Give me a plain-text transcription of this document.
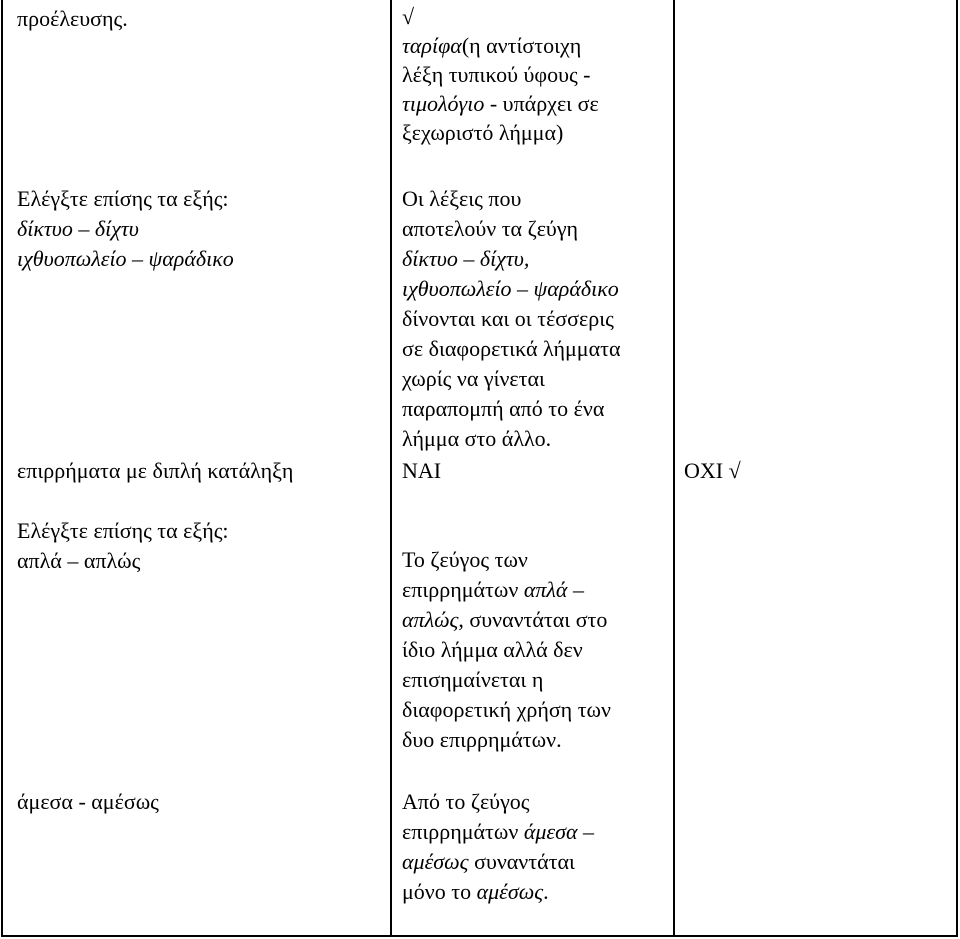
προέλευσης.
Ελέγξτε επίσης τα εξής:
δίκτυο – δίχτυ
ιχθυοπωλείο – ψαράδικο
επιρρήματα με διπλή κατάληξη
Ελέγξτε επίσης τα εξής:
απλά – απλώς
άμεσα - αμέσως
√
ταρίφα(η αντίστοιχη
λέξη τυπικού ύφους -
τιμολόγιο - υπάρχει σε
ξεχωριστό λήμμα)
Οι λέξεις που
αποτελούν τα ζεύγη
δίκτυο – δίχτυ,
ιχθυοπωλείο – ψαράδικο
δίνονται και οι τέσσερις
σε διαφορετικά λήμματα
χωρίς να γίνεται
παραπομπή από το ένα
λήμμα στο άλλο.
ΝΑΙ
Το ζεύγος των
επιρρημάτων απλά –
απλώς, συναντάται στο
ίδιο λήμμα αλλά δεν
επισημαίνεται η
διαφορετική χρήση των
δυο επιρρημάτων.
Από το ζεύγος
επιρρημάτων άμεσα –
αμέσως συναντάται
μόνο το αμέσως.
ΟΧΙ √
